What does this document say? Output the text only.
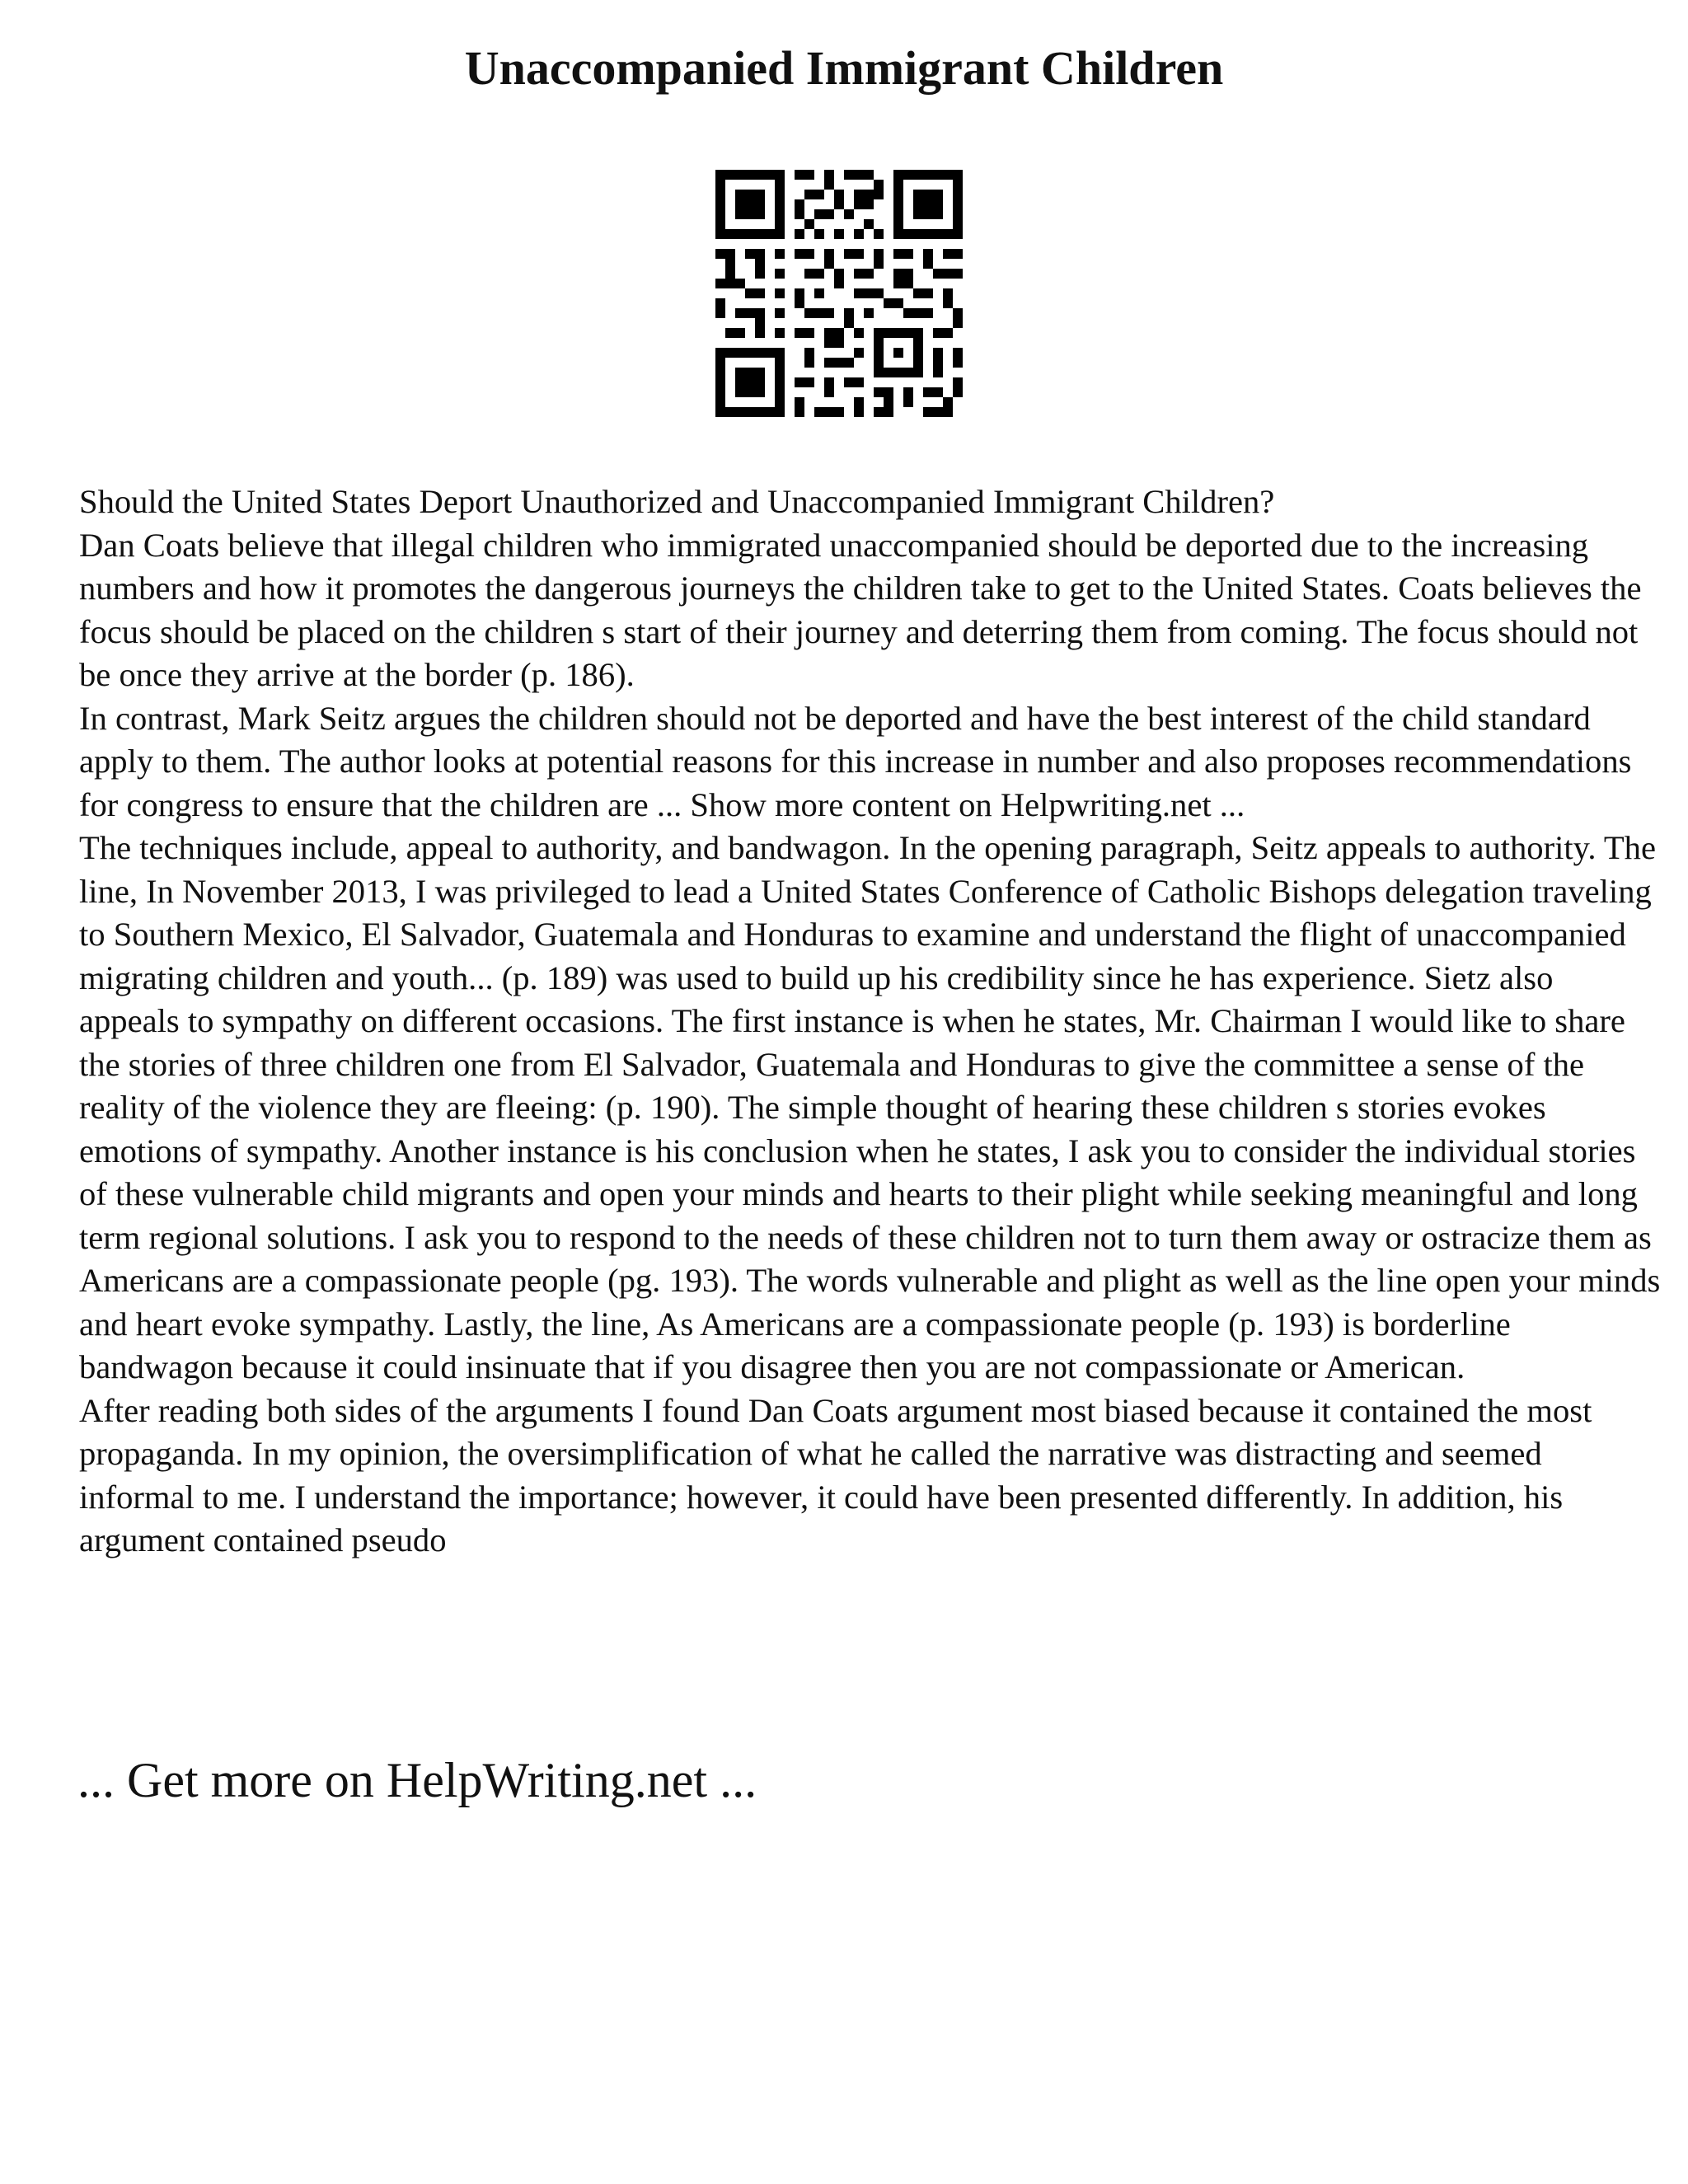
Unaccompanied Immigrant Children

Should the United States Deport Unauthorized and Unaccompanied Immigrant Children?

Dan Coats believe that illegal children who immigrated unaccompanied should be deported due to the increasing numbers and how it promotes the dangerous journeys the children take to get to the United States. Coats believes the focus should be placed on the children s start of their journey and deterring them from coming. The focus should not be once they arrive at the border (p. 186).

In contrast, Mark Seitz argues the children should not be deported and have the best interest of the child standard apply to them. The author looks at potential reasons for this increase in number and also proposes recommendations for congress to ensure that the children are ... Show more content on Helpwriting.net ...

The techniques include, appeal to authority, and bandwagon. In the opening paragraph, Seitz appeals to authority. The line, In November 2013, I was privileged to lead a United States Conference of Catholic Bishops delegation traveling to Southern Mexico, El Salvador, Guatemala and Honduras to examine and understand the flight of unaccompanied migrating children and youth... (p. 189) was used to build up his credibility since he has experience. Sietz also appeals to sympathy on different occasions. The first instance is when he states, Mr. Chairman I would like to share the stories of three children one from El Salvador, Guatemala and Honduras to give the committee a sense of the reality of the violence they are fleeing: (p. 190). The simple thought of hearing these children s stories evokes emotions of sympathy. Another instance is his conclusion when he states, I ask you to consider the individual stories of these vulnerable child migrants and open your minds and hearts to their plight while seeking meaningful and long term regional solutions. I ask you to respond to the needs of these children not to turn them away or ostracize them as Americans are a compassionate people (pg. 193). The words vulnerable and plight as well as the line open your minds and heart evoke sympathy. Lastly, the line, As Americans are a compassionate people (p. 193) is borderline bandwagon because it could insinuate that if you disagree then you are not compassionate or American.

After reading both sides of the arguments I found Dan Coats argument most biased because it contained the most propaganda. In my opinion, the oversimplification of what he called the narrative was distracting and seemed informal to me. I understand the importance; however, it could have been presented differently. In addition, his argument contained pseudo

... Get more on HelpWriting.net ...
